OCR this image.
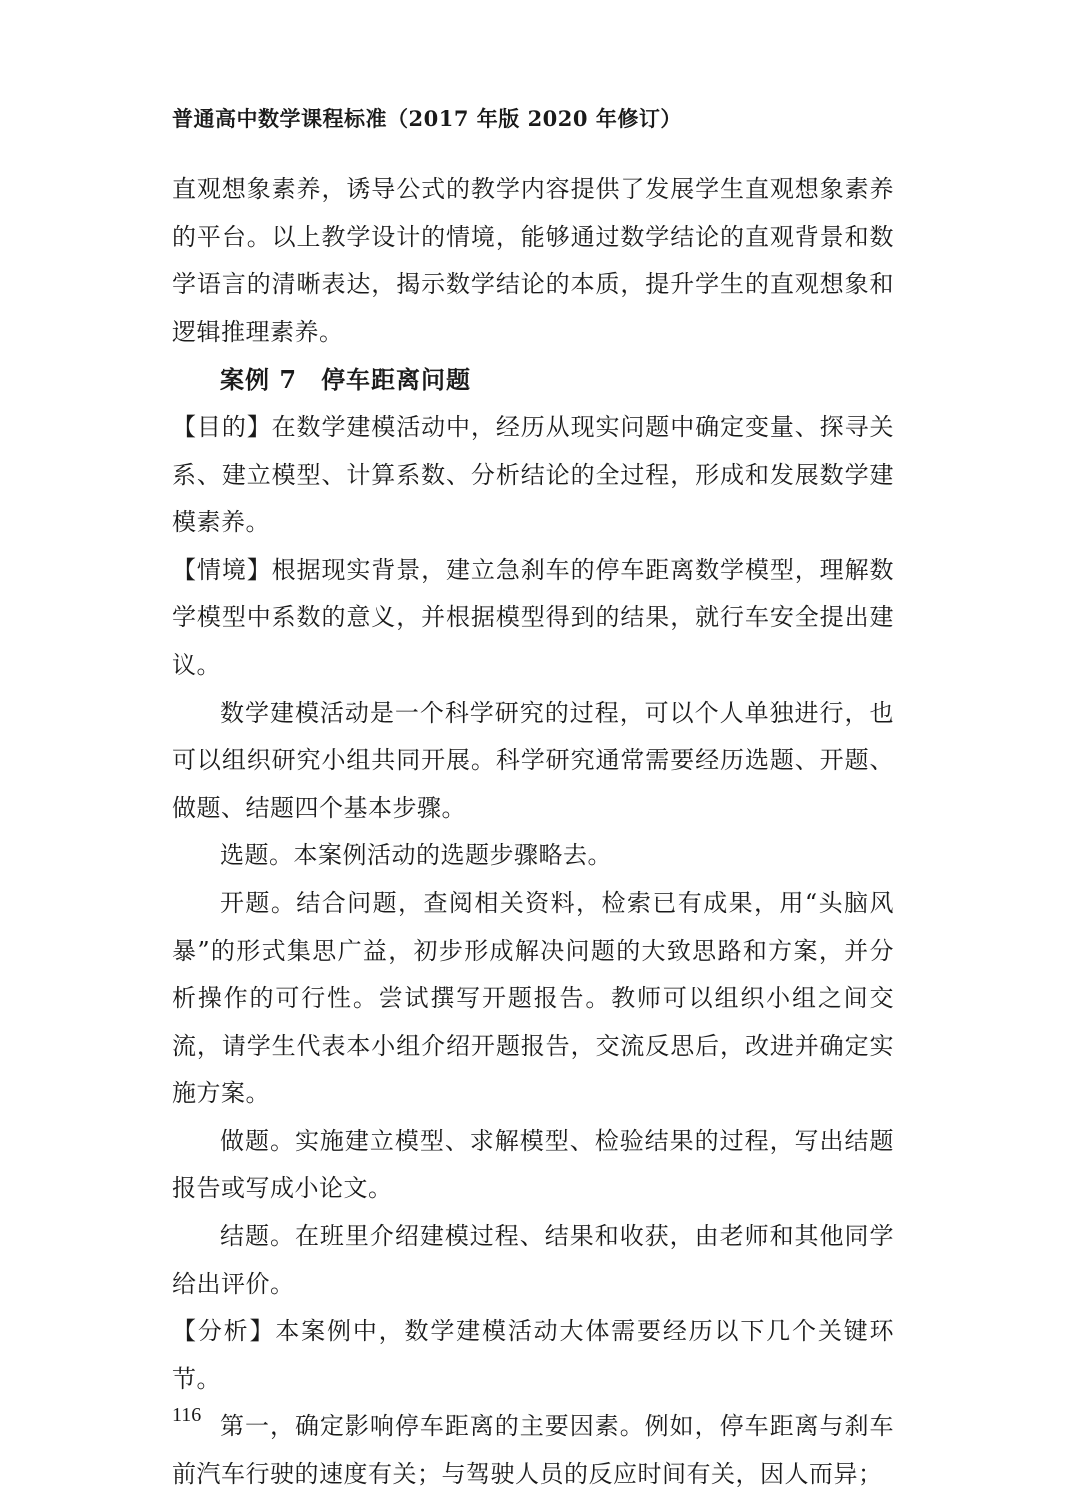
普通高中数学课程标准（2017 年版 2020 年修订）

直观想象素养，诱导公式的教学内容提供了发展学生直观想象素养的平台。以上教学设计的情境，能够通过数学结论的直观背景和数学语言的清晰表达，揭示数学结论的本质，提升学生的直观想象和逻辑推理素养。

案例 7 停车距离问题

【目的】在数学建模活动中，经历从现实问题中确定变量、探寻关系、建立模型、计算系数、分析结论的全过程，形成和发展数学建模素养。

【情境】根据现实背景，建立急刹车的停车距离数学模型，理解数学模型中系数的意义，并根据模型得到的结果，就行车安全提出建议。

数学建模活动是一个科学研究的过程，可以个人单独进行，也可以组织研究小组共同开展。科学研究通常需要经历选题、开题、做题、结题四个基本步骤。

选题。本案例活动的选题步骤略去。

开题。结合问题，查阅相关资料，检索已有成果，用“头脑风暴”的形式集思广益，初步形成解决问题的大致思路和方案，并分析操作的可行性。尝试撰写开题报告。教师可以组织小组之间交流，请学生代表本小组介绍开题报告，交流反思后，改进并确定实施方案。

做题。实施建立模型、求解模型、检验结果的过程，写出结题报告或写成小论文。

结题。在班里介绍建模过程、结果和收获，由老师和其他同学给出评价。

【分析】本案例中，数学建模活动大体需要经历以下几个关键环节。

第一，确定影响停车距离的主要因素。例如，停车距离与刹车前汽车行驶的速度有关；与驾驶人员的反应时间有关，因人而异；

116
